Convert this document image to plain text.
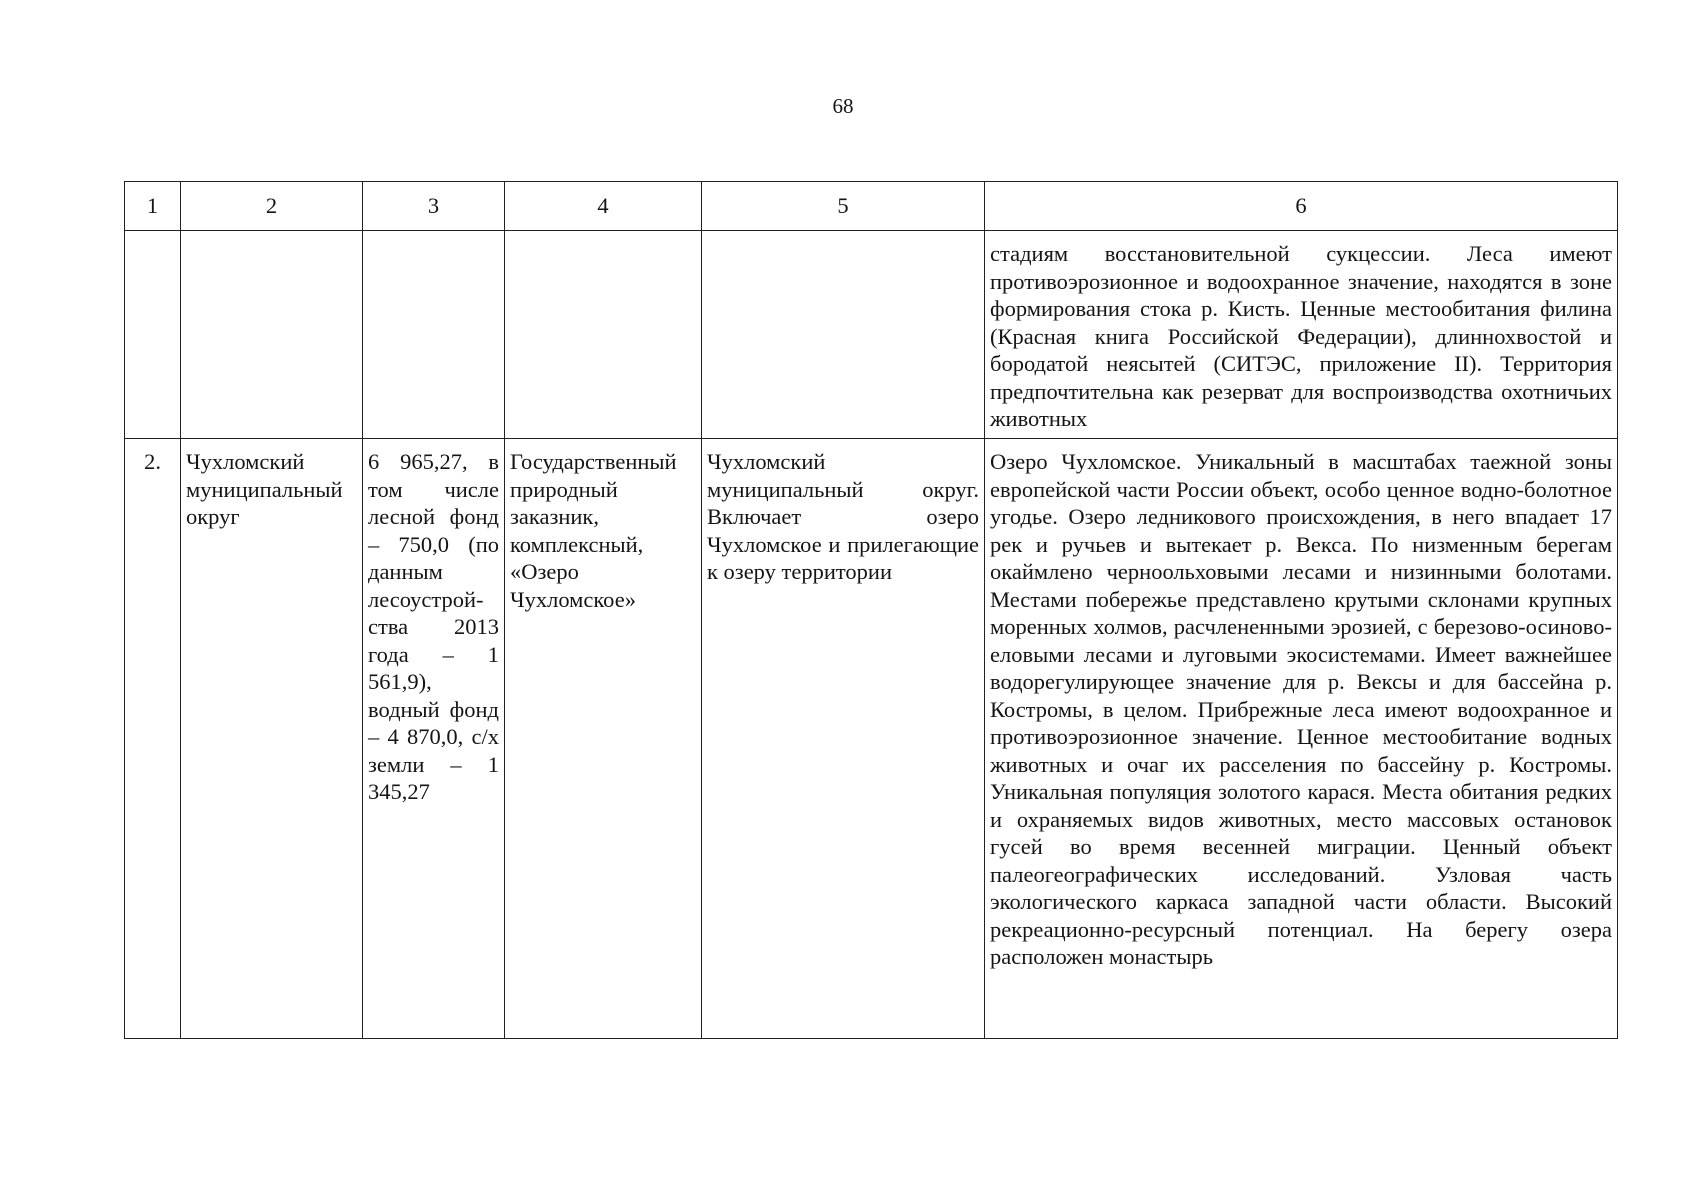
68
1	2	3	4	5	6
					стадиям восстановительной сукцессии. Леса имеют противоэрозионное и водоохранное значение, находятся в зоне формирования стока р. Кисть. Ценные местообитания филина (Красная книга Российской Федерации), длиннохвостой и бородатой неясытей (СИТЭС, приложение II). Территория предпочтительна как резерват для воспроизводства охотничьих животных
2.	Чухломский муниципальный округ	6 965,27, в том числе лесной фонд – 750,0 (по данным лесоустрой-ства 2013 года – 1 561,9), водный фонд – 4 870,0, с/х земли – 1 345,27	Государственный природный заказник, комплексный, «Озеро Чухломское»	Чухломский муниципальный округ. Включает озеро Чухломское и прилегающие к озеру территории	Озеро Чухломское. Уникальный в масштабах таежной зоны европейской части России объект, особо ценное водно-болотное угодье. Озеро ледникового происхождения, в него впадает 17 рек и ручьев и вытекает р. Векса. По низменным берегам окаймлено черноольховыми лесами и низинными болотами. Местами побережье представлено крутыми склонами крупных моренных холмов, расчлененными эрозией, с березово-осиново-еловыми лесами и луговыми экосистемами. Имеет важнейшее водорегулирующее значение для р. Вексы и для бассейна р. Костромы, в целом. Прибрежные леса имеют водоохранное и противоэрозионное значение. Ценное местообитание водных животных и очаг их расселения по бассейну р. Костромы. Уникальная популяция золотого карася. Места обитания редких и охраняемых видов животных, место массовых остановок гусей во время весенней миграции. Ценный объект палеогеографических исследований. Узловая часть экологического каркаса западной части области. Высокий рекреационно-ресурсный потенциал. На берегу озера расположен монастырь
